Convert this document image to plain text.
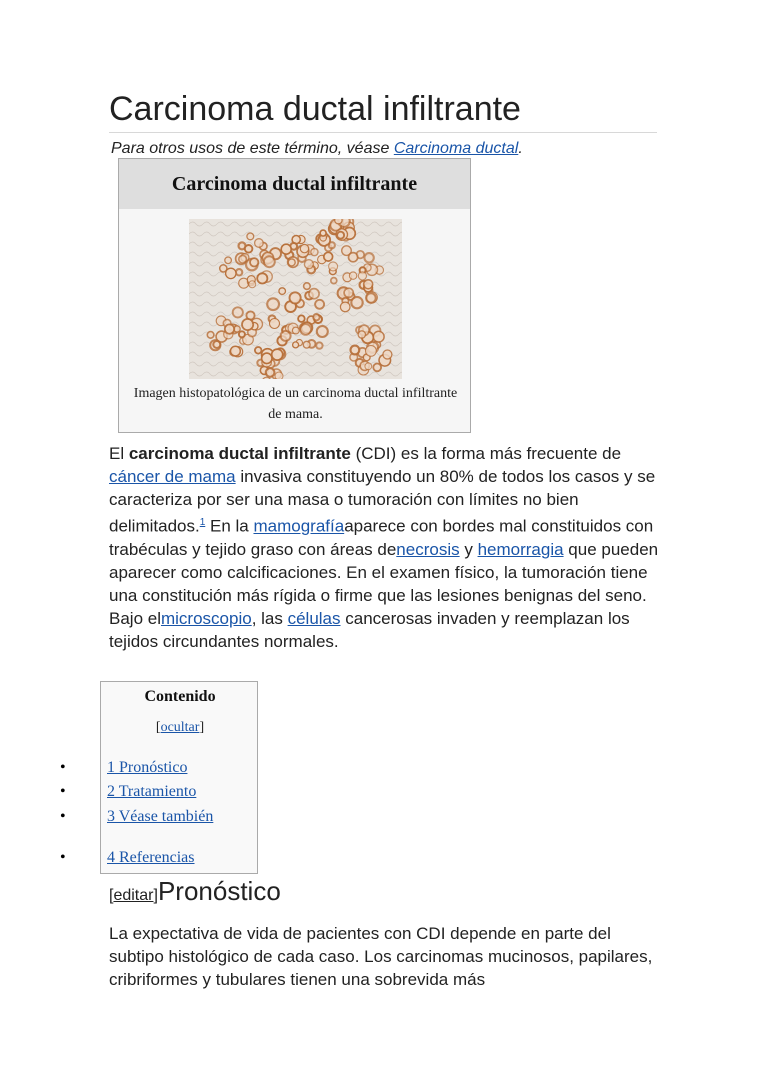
Carcinoma ductal infiltrante
Para otros usos de este término, véase Carcinoma ductal.
Carcinoma ductal infiltrante
Imagen histopatológica de un carcinoma ductal infiltrante de mama.

El carcinoma ductal infiltrante (CDI) es la forma más frecuente de cáncer de mama invasiva constituyendo un 80% de todos los casos y se caracteriza por ser una masa o tumoración con límites no bien delimitados.$^1$ En la mamografíaaparece con bordes mal constituidos con trabéculas y tejido graso con áreas denecrosis y hemorragia que pueden aparecer como calcificaciones. En el examen físico, la tumoración tiene una constitución más rígida o firme que las lesiones benignas del seno. Bajo elmicroscopio, las células cancerosas invaden y reemplazan los tejidos circundantes normales.

Contenido
[ocultar]
•	1 Pronóstico
•	2 Tratamiento
•	3 Véase también
•	4 Referencias
[editar]Pronóstico

La expectativa de vida de pacientes con CDI depende en parte del subtipo histológico de cada caso. Los carcinomas mucinosos, papilares, cribriformes y tubulares tienen una sobrevida más
